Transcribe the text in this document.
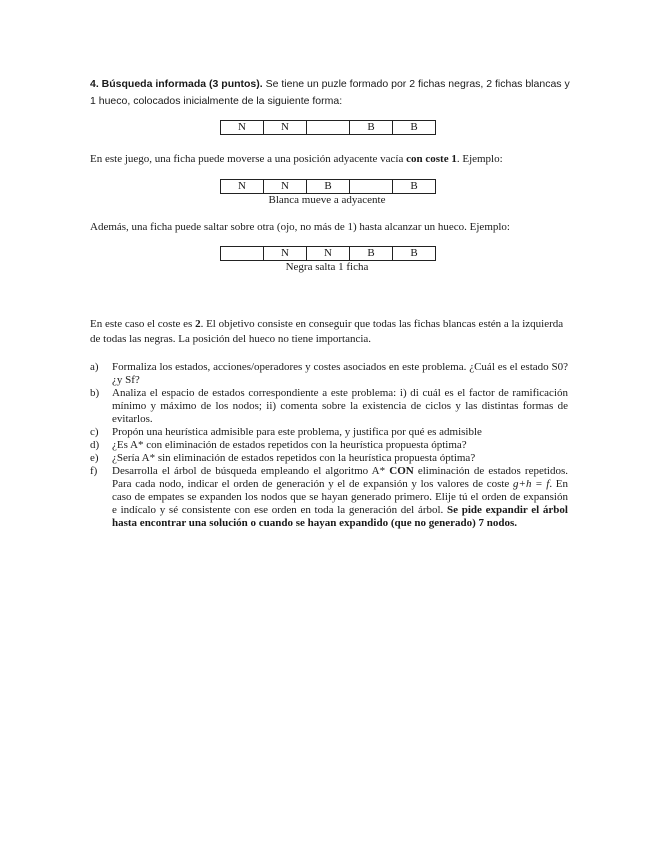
4. Búsqueda informada (3 puntos). Se tiene un puzle formado por 2 fichas negras, 2 fichas blancas y 1 hueco, colocados inicialmente de la siguiente forma:
N	N		B	B
En este juego, una ficha puede moverse a una posición adyacente vacía con coste 1. Ejemplo:
N	N	B		B
Blanca mueve a adyacente
Además, una ficha puede saltar sobre otra (ojo, no más de 1) hasta alcanzar un hueco. Ejemplo:
	N	N	B	B
Negra salta 1 ficha
En este caso el coste es 2. El objetivo consiste en conseguir que todas las fichas blancas estén a la izquierda de todas las negras. La posición del hueco no tiene importancia.
a)	Formaliza los estados, acciones/operadores y costes asociados en este problema. ¿Cuál es el estado S0? ¿y Sf?
b)	Analiza el espacio de estados correspondiente a este problema: i) di cuál es el factor de ramificación mínimo y máximo de los nodos; ii) comenta sobre la existencia de ciclos y las distintas formas de evitarlos.
c)	Propón una heurística admisible para este problema, y justifica por qué es admisible
d)	¿Es A* con eliminación de estados repetidos con la heurística propuesta óptima?
e)	¿Sería A* sin eliminación de estados repetidos con la heurística propuesta óptima?
f)	Desarrolla el árbol de búsqueda empleando el algoritmo A* CON eliminación de estados repetidos. Para cada nodo, indicar el orden de generación y el de expansión y los valores de coste g+h = f. En caso de empates se expanden los nodos que se hayan generado primero. Elije tú el orden de expansión e indícalo y sé consistente con ese orden en toda la generación del árbol. Se pide expandir el árbol hasta encontrar una solución o cuando se hayan expandido (que no generado) 7 nodos.
